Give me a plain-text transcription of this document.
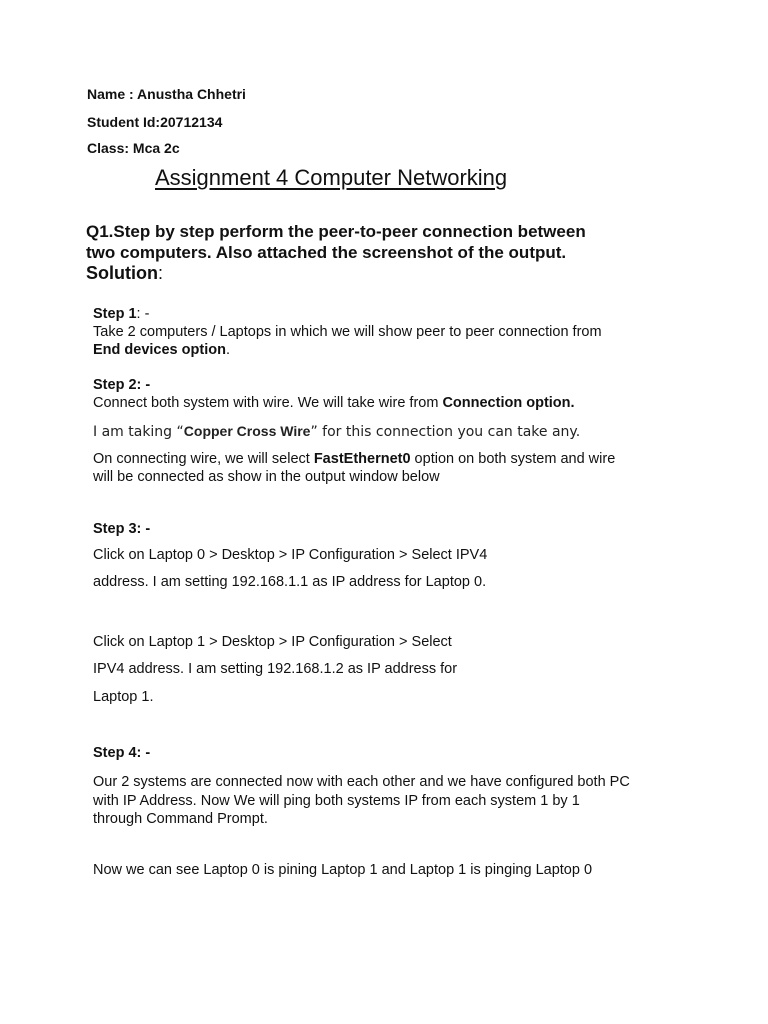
Name : Anustha Chhetri
Student Id:20712134
Class: Mca 2c
Assignment 4 Computer Networking
Q1.Step by step perform the peer-to-peer connection between
two computers. Also attached the screenshot of the output.
Solution:
Step 1: -
Take 2 computers / Laptops in which we will show peer to peer connection from
End devices option.
Step 2: -
Connect both system with wire. We will take wire from Connection option.
I am taking “Copper Cross Wire” for this connection you can take any.
On connecting wire, we will select FastEthernet0 option on both system and wire
will be connected as show in the output window below
Step 3: -
Click on Laptop 0 > Desktop > IP Configuration > Select IPV4
address. I am setting 192.168.1.1 as IP address for Laptop 0.
Click on Laptop 1 > Desktop > IP Configuration > Select
IPV4 address. I am setting 192.168.1.2 as IP address for
Laptop 1.
Step 4: -
Our 2 systems are connected now with each other and we have configured both PC
with IP Address. Now We will ping both systems IP from each system 1 by 1
through Command Prompt.
Now we can see Laptop 0 is pining Laptop 1 and Laptop 1 is pinging Laptop 0
